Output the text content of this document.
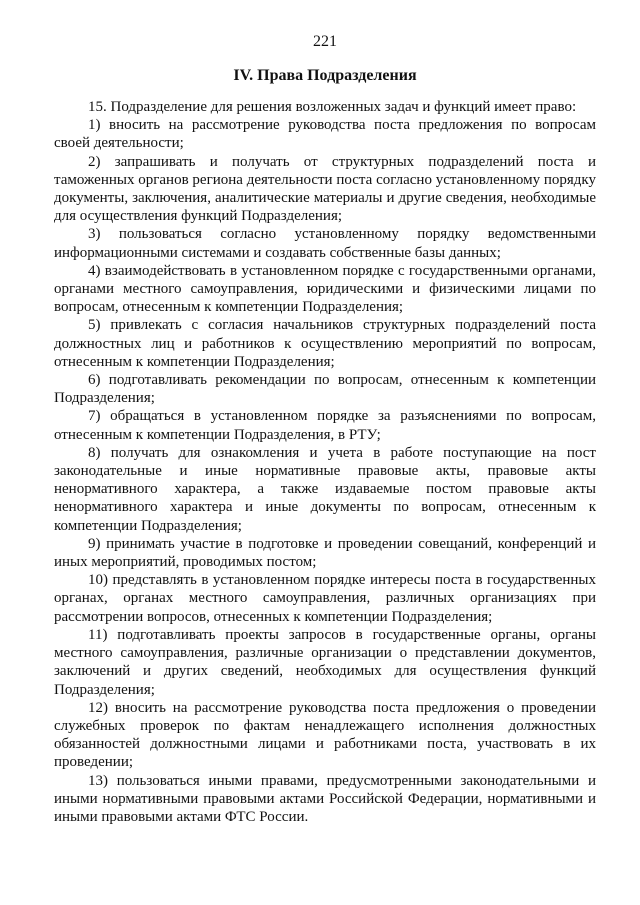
221
IV. Права Подразделения

15. Подразделение для решения возложенных задач и функций имеет право:

1) вносить на рассмотрение руководства поста предложения по вопросам своей деятельности;

2) запрашивать и получать от структурных подразделений поста и таможенных органов региона деятельности поста согласно установленному порядку документы, заключения, аналитические материалы и другие сведения, необходимые для осуществления функций Подразделения;

3) пользоваться согласно установленному порядку ведомственными информационными системами и создавать собственные базы данных;

4) взаимодействовать в установленном порядке с государственными органами, органами местного самоуправления, юридическими и физическими лицами по вопросам, отнесенным к компетенции Подразделения;

5) привлекать с согласия начальников структурных подразделений поста должностных лиц и работников к осуществлению мероприятий по вопросам, отнесенным к компетенции Подразделения;

6) подготавливать рекомендации по вопросам, отнесенным к компетенции Подразделения;

7) обращаться в установленном порядке за разъяснениями по вопросам, отнесенным к компетенции Подразделения, в РТУ;

8) получать для ознакомления и учета в работе поступающие на пост законодательные и иные нормативные правовые акты, правовые акты ненормативного характера, а также издаваемые постом правовые акты ненормативного характера и иные документы по вопросам, отнесенным к компетенции Подразделения;

9) принимать участие в подготовке и проведении совещаний, конференций и иных мероприятий, проводимых постом;

10) представлять в установленном порядке интересы поста в государственных органах, органах местного самоуправления, различных организациях при рассмотрении вопросов, отнесенных к компетенции Подразделения;

11) подготавливать проекты запросов в государственные органы, органы местного самоуправления, различные организации о представлении документов, заключений и других сведений, необходимых для осуществления функций Подразделения;

12) вносить на рассмотрение руководства поста предложения о проведении служебных проверок по фактам ненадлежащего исполнения должностных обязанностей должностными лицами и работниками поста, участвовать в их проведении;

13) пользоваться иными правами, предусмотренными законодательными и иными нормативными правовыми актами Российской Федерации, нормативными и иными правовыми актами ФТС России.
